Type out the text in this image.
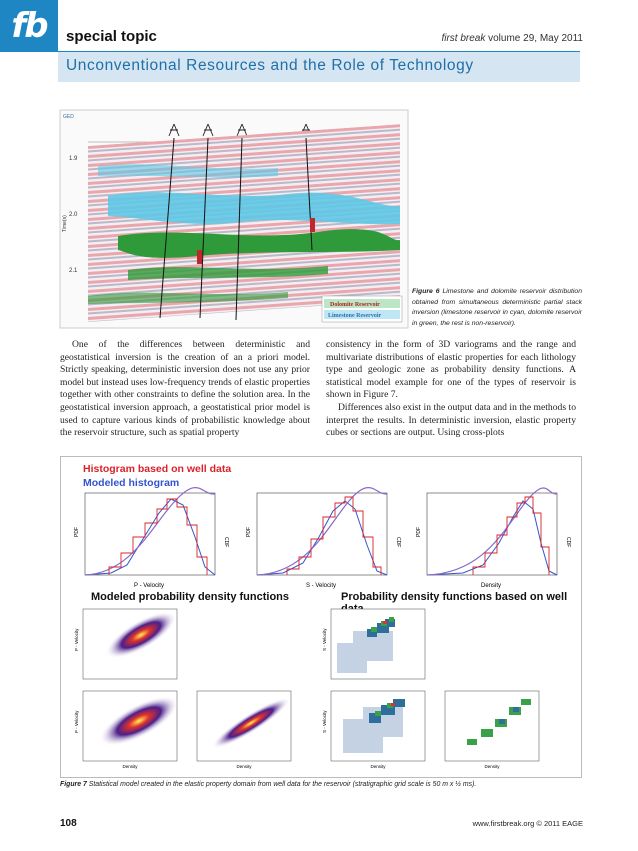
fb	special topic	first break volume 29, May 2011
Unconventional Resources and the Role of Technology
GED
Time(s)
1.9
2.0
2.1
Dolomite Reservoir
Limestone Reservoir
Figure 6 Limestone and dolomite reservoir distribution obtained from simultaneous deterministic partial stack inversion (limestone reservoir in cyan, dolomite reservoir in green, the rest is non-reservoir).

One of the differences between deterministic and geostatistical inversion is the creation of an a priori model. Strictly speaking, deterministic inversion does not use any prior model but instead uses low-frequency trends of elastic properties together with other constraints to define the solution area. In the geostatistical inversion approach, a geostatistical prior model is used to capture various kinds of probabilistic knowledge about the reservoir structure, such as spatial property

consistency in the form of 3D variograms and the range and multivariate distributions of elastic properties for each lithology type and geologic zone as probability density functions. A statistical model example for one of the types of reservoir is shown in Figure 7.

Differences also exist in the output data and in the methods to interpret the results. In deterministic inversion, elastic property cubes or sections are output. Using cross-plots

Histogram based on well data
Modeled histogram
P - Velocity
PDF
CDF
S - Velocity
PDF
CDF
Density
PDF
CDF
Modeled probability density functions	Probability density functions based on well
P - Velocity
P - Velocity
Density	Density
S - Velocity
S - Velocity
Density	Density
Figure 7 Statistical model created in the elastic property domain from well data for the reservoir (stratigraphic grid scale is 50 m x ½ ms).
108	www.firstbreak.org © 2011 EAGE
